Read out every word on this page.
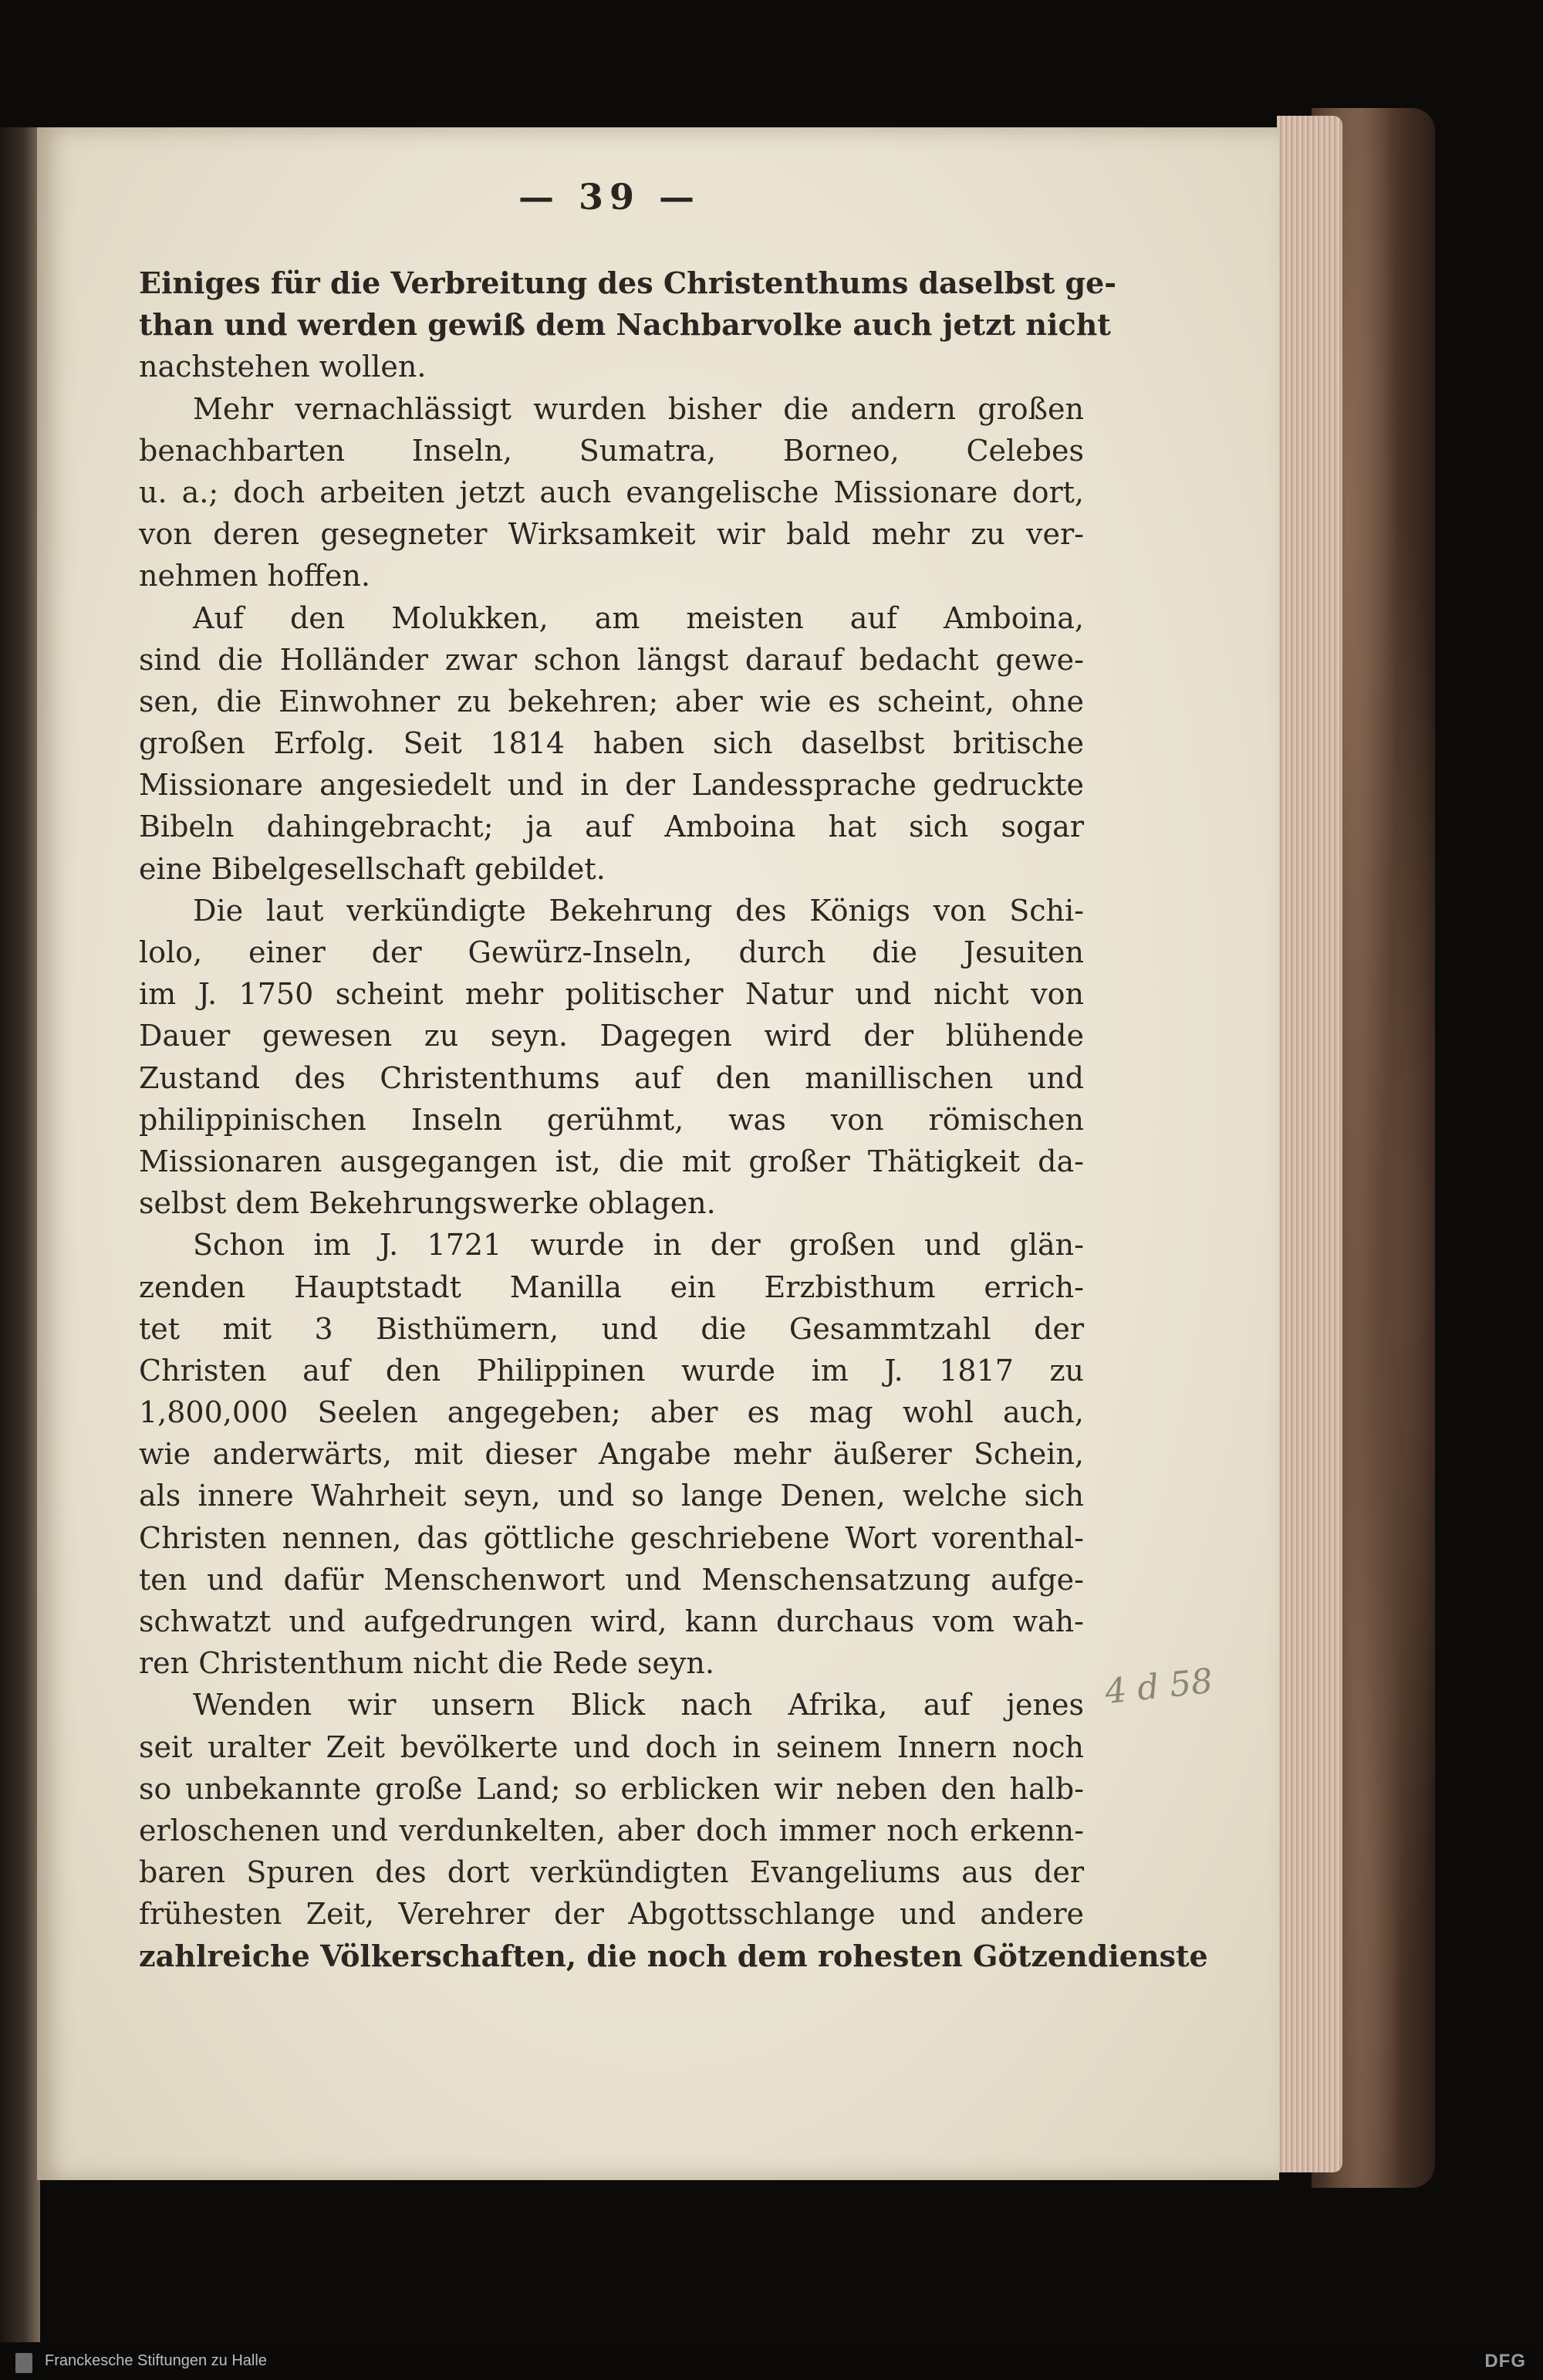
— 39 —
Einiges für die Verbreitung des Christenthums daselbst ge-
than und werden gewiß dem Nachbarvolke auch jetzt nicht
nachstehen wollen.
Mehr vernachlässigt wurden bisher die andern großen
benachbarten Inseln, Sumatra, Borneo, Celebes
u. a.; doch arbeiten jetzt auch evangelische Missionare dort,
von deren gesegneter Wirksamkeit wir bald mehr zu ver-
nehmen hoffen.
Auf den Molukken, am meisten auf Amboina,
sind die Holländer zwar schon längst darauf bedacht gewe-
sen, die Einwohner zu bekehren; aber wie es scheint, ohne
großen Erfolg. Seit 1814 haben sich daselbst britische
Missionare angesiedelt und in der Landessprache gedruckte
Bibeln dahingebracht; ja auf Amboina hat sich sogar
eine Bibelgesellschaft gebildet.
Die laut verkündigte Bekehrung des Königs von Schi-
lolo, einer der Gewürz-Inseln, durch die Jesuiten
im J. 1750 scheint mehr politischer Natur und nicht von
Dauer gewesen zu seyn. Dagegen wird der blühende
Zustand des Christenthums auf den manillischen und
philippinischen Inseln gerühmt, was von römischen
Missionaren ausgegangen ist, die mit großer Thätigkeit da-
selbst dem Bekehrungswerke oblagen.
Schon im J. 1721 wurde in der großen und glän-
zenden Hauptstadt Manilla ein Erzbisthum errich-
tet mit 3 Bisthümern, und die Gesammtzahl der
Christen auf den Philippinen wurde im J. 1817 zu
1,800,000 Seelen angegeben; aber es mag wohl auch,
wie anderwärts, mit dieser Angabe mehr äußerer Schein,
als innere Wahrheit seyn, und so lange Denen, welche sich
Christen nennen, das göttliche geschriebene Wort vorenthal-
ten und dafür Menschenwort und Menschensatzung aufge-
schwatzt und aufgedrungen wird, kann durchaus vom wah-
ren Christenthum nicht die Rede seyn.
Wenden wir unsern Blick nach Afrika, auf jenes
seit uralter Zeit bevölkerte und doch in seinem Innern noch
so unbekannte große Land; so erblicken wir neben den halb-
erloschenen und verdunkelten, aber doch immer noch erkenn-
baren Spuren des dort verkündigten Evangeliums aus der
frühesten Zeit, Verehrer der Abgottsschlange und andere
zahlreiche Völkerschaften, die noch dem rohesten Götzendienste
4 d 58
Franckesche Stiftungen zu Halle	DFG
